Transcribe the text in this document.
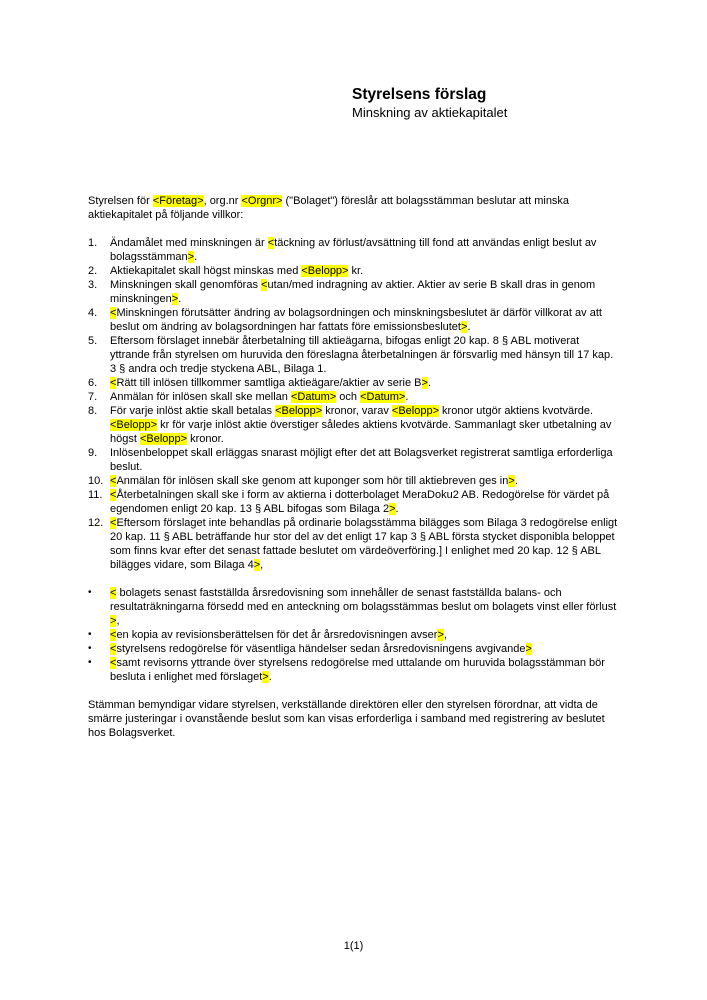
Styrelsens förslag
Minskning av aktiekapitalet

Styrelsen för <Företag>, org.nr <Orgnr> ("Bolaget") föreslår att bolagsstämman beslutar att minska aktiekapitalet på följande villkor:

1.	Ändamålet med minskningen är <täckning av förlust/avsättning till fond att användas enligt beslut av bolagsstämman>.
2.	Aktiekapitalet skall högst minskas med <Belopp> kr.
3.	Minskningen skall genomföras <utan/med indragning av aktier. Aktier av serie B skall dras in genom minskningen>.
4.	<Minskningen förutsätter ändring av bolagsordningen och minskningsbeslutet är därför villkorat av att beslut om ändring av bolagsordningen har fattats före emissionsbeslutet>.
5.	Eftersom förslaget innebär återbetalning till aktieägarna, bifogas enligt 20 kap. 8 § ABL motiverat yttrande från styrelsen om huruvida den föreslagna återbetalningen är försvarlig med hänsyn till 17 kap. 3 § andra och tredje styckena ABL, Bilaga 1.
6.	<Rätt till inlösen tillkommer samtliga aktieägare/aktier av serie B>.
7.	Anmälan för inlösen skall ske mellan <Datum> och <Datum>.
8.	För varje inlöst aktie skall betalas <Belopp> kronor, varav <Belopp> kronor utgör aktiens kvotvärde. <Belopp> kr för varje inlöst aktie överstiger således aktiens kvotvärde. Sammanlagt sker utbetalning av högst <Belopp> kronor.
9.	Inlösenbeloppet skall erläggas snarast möjligt efter det att Bolagsverket registrerat samtliga erforderliga beslut.
10. <Anmälan för inlösen skall ske genom att kuponger som hör till aktiebreven ges in>.
11. <Återbetalningen skall ske i form av aktierna i dotterbolaget MeraDoku2 AB. Redogörelse för värdet på egendomen enligt 20 kap. 13 § ABL bifogas som Bilaga 2>.
12. <Eftersom förslaget inte behandlas på ordinarie bolagsstämma bilägges som Bilaga 3 redogörelse enligt 20 kap. 11 § ABL beträffande hur stor del av det enligt 17 kap 3 § ABL första stycket disponibla beloppet som finns kvar efter det senast fattade beslutet om värdeöverföring.] I enlighet med 20 kap. 12 § ABL bilägges vidare, som Bilaga 4>,
•	< bolagets senast fastställda årsredovisning som innehåller de senast fastställda balans- och resultaträkningarna försedd med en anteckning om bolagsstämmas beslut om bolagets vinst eller förlust >,
•	<en kopia av revisionsberättelsen för det år årsredovisningen avser>,
•	<styrelsens redogörelse för väsentliga händelser sedan årsredovisningens avgivande>
•	<samt revisorns yttrande över styrelsens redogörelse med uttalande om huruvida bolagsstämman bör besluta i enlighet med förslaget>.

Stämman bemyndigar vidare styrelsen, verkställande direktören eller den styrelsen förordnar, att vidta de smärre justeringar i ovanstående beslut som kan visas erforderliga i samband med registrering av beslutet hos Bolagsverket.

1(1)
